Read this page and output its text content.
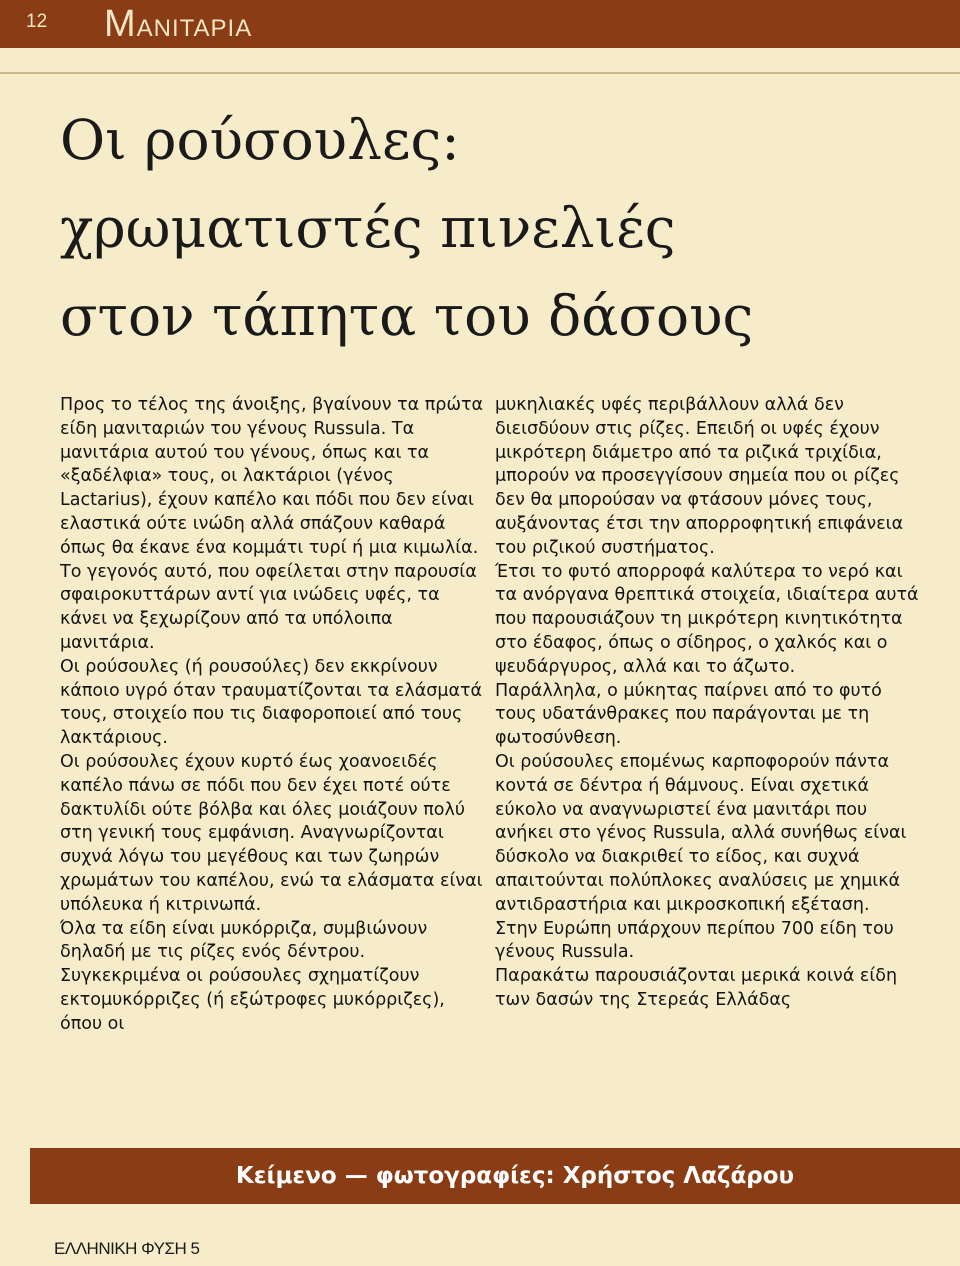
12 ΜΑΝΙΤΑΡΙΑ
Οι ρούσουλες:
χρωματιστές πινελιές
στον τάπητα του δάσους

Προς το τέλος της άνοιξης, βγαίνουν τα πρώτα είδη μανιταριών του γένους Russula. Τα μανιτάρια αυτού του γένους, όπως και τα «ξαδέλφια» τους, οι λακτάριοι (γένος Lactarius), έχουν καπέλο και πόδι που δεν είναι ελαστικά ούτε ινώδη αλλά σπάζουν καθαρά όπως θα έκανε ένα κομμάτι τυρί ή μια κιμωλία.

Το γεγονός αυτό, που οφείλεται στην παρουσία σφαιροκυττάρων αντί για ινώδεις υφές, τα κάνει να ξεχωρίζουν από τα υπόλοιπα μανιτάρια.

Οι ρούσουλες (ή ρουσούλες) δεν εκκρίνουν κάποιο υγρό όταν τραυματίζονται τα ελάσματά τους, στοιχείο που τις διαφοροποιεί από τους λακτάριους.

Οι ρούσουλες έχουν κυρτό έως χοανοειδές καπέλο πάνω σε πόδι που δεν έχει ποτέ ούτε δακτυλίδι ούτε βόλβα και όλες μοιάζουν πολύ στη γενική τους εμφάνιση. Αναγνωρίζονται συχνά λόγω του μεγέθους και των ζωηρών χρωμάτων του καπέλου, ενώ τα ελάσματα είναι υπόλευκα ή κιτρινωπά.

Όλα τα είδη είναι μυκόρριζα, συμβιώνουν δηλαδή με τις ρίζες ενός δέντρου. Συγκεκριμένα οι ρούσουλες σχηματίζουν εκτομυκόρριζες (ή εξώτροφες μυκόρριζες), όπου οι

μυκηλιακές υφές περιβάλλουν αλλά δεν διεισδύουν στις ρίζες. Επειδή οι υφές έχουν μικρότερη διάμετρο από τα ριζικά τριχίδια, μπορούν να προσεγγίσουν σημεία που οι ρίζες δεν θα μπορούσαν να φτάσουν μόνες τους, αυξάνοντας έτσι την απορροφητική επιφάνεια του ριζικού συστήματος.

Έτσι το φυτό απορροφά καλύτερα το νερό και τα ανόργανα θρεπτικά στοιχεία, ιδιαίτερα αυτά που παρουσιάζουν τη μικρότερη κινητικότητα στο έδαφος, όπως ο σίδηρος, ο χαλκός και ο ψευδάργυρος, αλλά και το άζωτο.

Παράλληλα, ο μύκητας παίρνει από το φυτό τους υδατάνθρακες που παράγονται με τη φωτοσύνθεση.

Οι ρούσουλες επομένως καρποφορούν πάντα κοντά σε δέντρα ή θάμνους. Είναι σχετικά εύκολο να αναγνωριστεί ένα μανιτάρι που ανήκει στο γένος Russula, αλλά συνήθως είναι δύσκολο να διακριθεί το είδος, και συχνά απαιτούνται πολύπλοκες αναλύσεις με χημικά αντιδραστήρια και μικροσκοπική εξέταση.

Στην Ευρώπη υπάρχουν περίπου 700 είδη του γένους Russula.

Παρακάτω παρουσιάζονται μερικά κοινά είδη των δασών της Στερεάς Ελλάδας

Κείμενο — φωτογραφίες: Χρήστος Λαζάρου
ΕΛΛΗΝΙΚΗ ΦΥΣΗ 5
